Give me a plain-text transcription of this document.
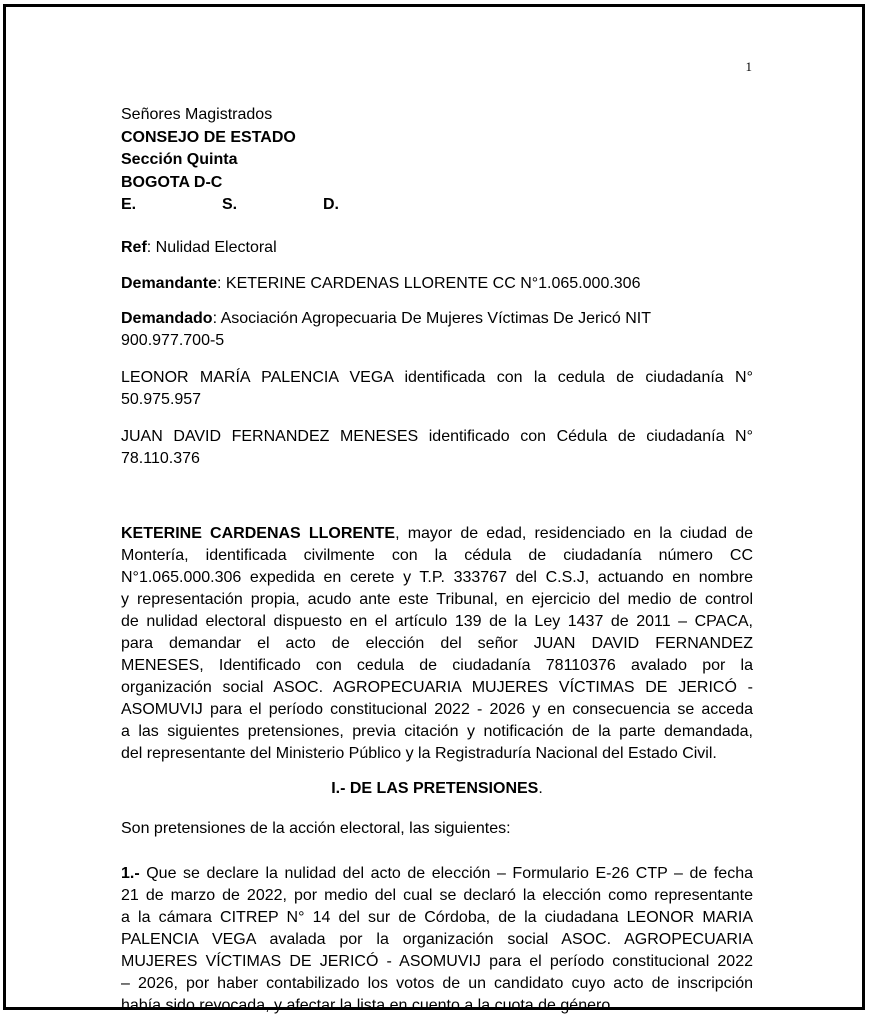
1
Señores Magistrados
CONSEJO DE ESTADO
Sección Quinta
BOGOTA D-C
E.	S.	D.
Ref: Nulidad Electoral
Demandante: KETERINE CARDENAS LLORENTE CC N°1.065.000.306
Demandado: Asociación Agropecuaria De Mujeres Víctimas De Jericó NIT
900.977.700-5
LEONOR MARÍA PALENCIA VEGA identificada con la cedula de ciudadanía N°
50.975.957
JUAN DAVID FERNANDEZ MENESES identificado con Cédula de ciudadanía N°
78.110.376
KETERINE CARDENAS LLORENTE, mayor de edad, residenciado en la ciudad de
Montería, identificada civilmente con la cédula de ciudadanía número CC
N°1.065.000.306 expedida en cerete y T.P. 333767 del C.S.J, actuando en nombre
y representación propia, acudo ante este Tribunal, en ejercicio del medio de control
de nulidad electoral dispuesto en el artículo 139 de la Ley 1437 de 2011 – CPACA,
para demandar el acto de elección del señor JUAN DAVID FERNANDEZ
MENESES, Identificado con cedula de ciudadanía 78110376 avalado por la
organización social ASOC. AGROPECUARIA MUJERES VÍCTIMAS DE JERICÓ -
ASOMUVIJ para el período constitucional 2022 - 2026 y en consecuencia se acceda
a las siguientes pretensiones, previa citación y notificación de la parte demandada,
del representante del Ministerio Público y la Registraduría Nacional del Estado Civil.
I.- DE LAS PRETENSIONES.
Son pretensiones de la acción electoral, las siguientes:
1.- Que se declare la nulidad del acto de elección – Formulario E-26 CTP – de fecha
21 de marzo de 2022, por medio del cual se declaró la elección como representante
a la cámara CITREP N° 14 del sur de Córdoba, de la ciudadana LEONOR MARIA
PALENCIA VEGA avalada por la organización social ASOC. AGROPECUARIA
MUJERES VÍCTIMAS DE JERICÓ - ASOMUVIJ para el período constitucional 2022
– 2026, por haber contabilizado los votos de un candidato cuyo acto de inscripción
había sido revocada, y afectar la lista en cuento a la cuota de género.
